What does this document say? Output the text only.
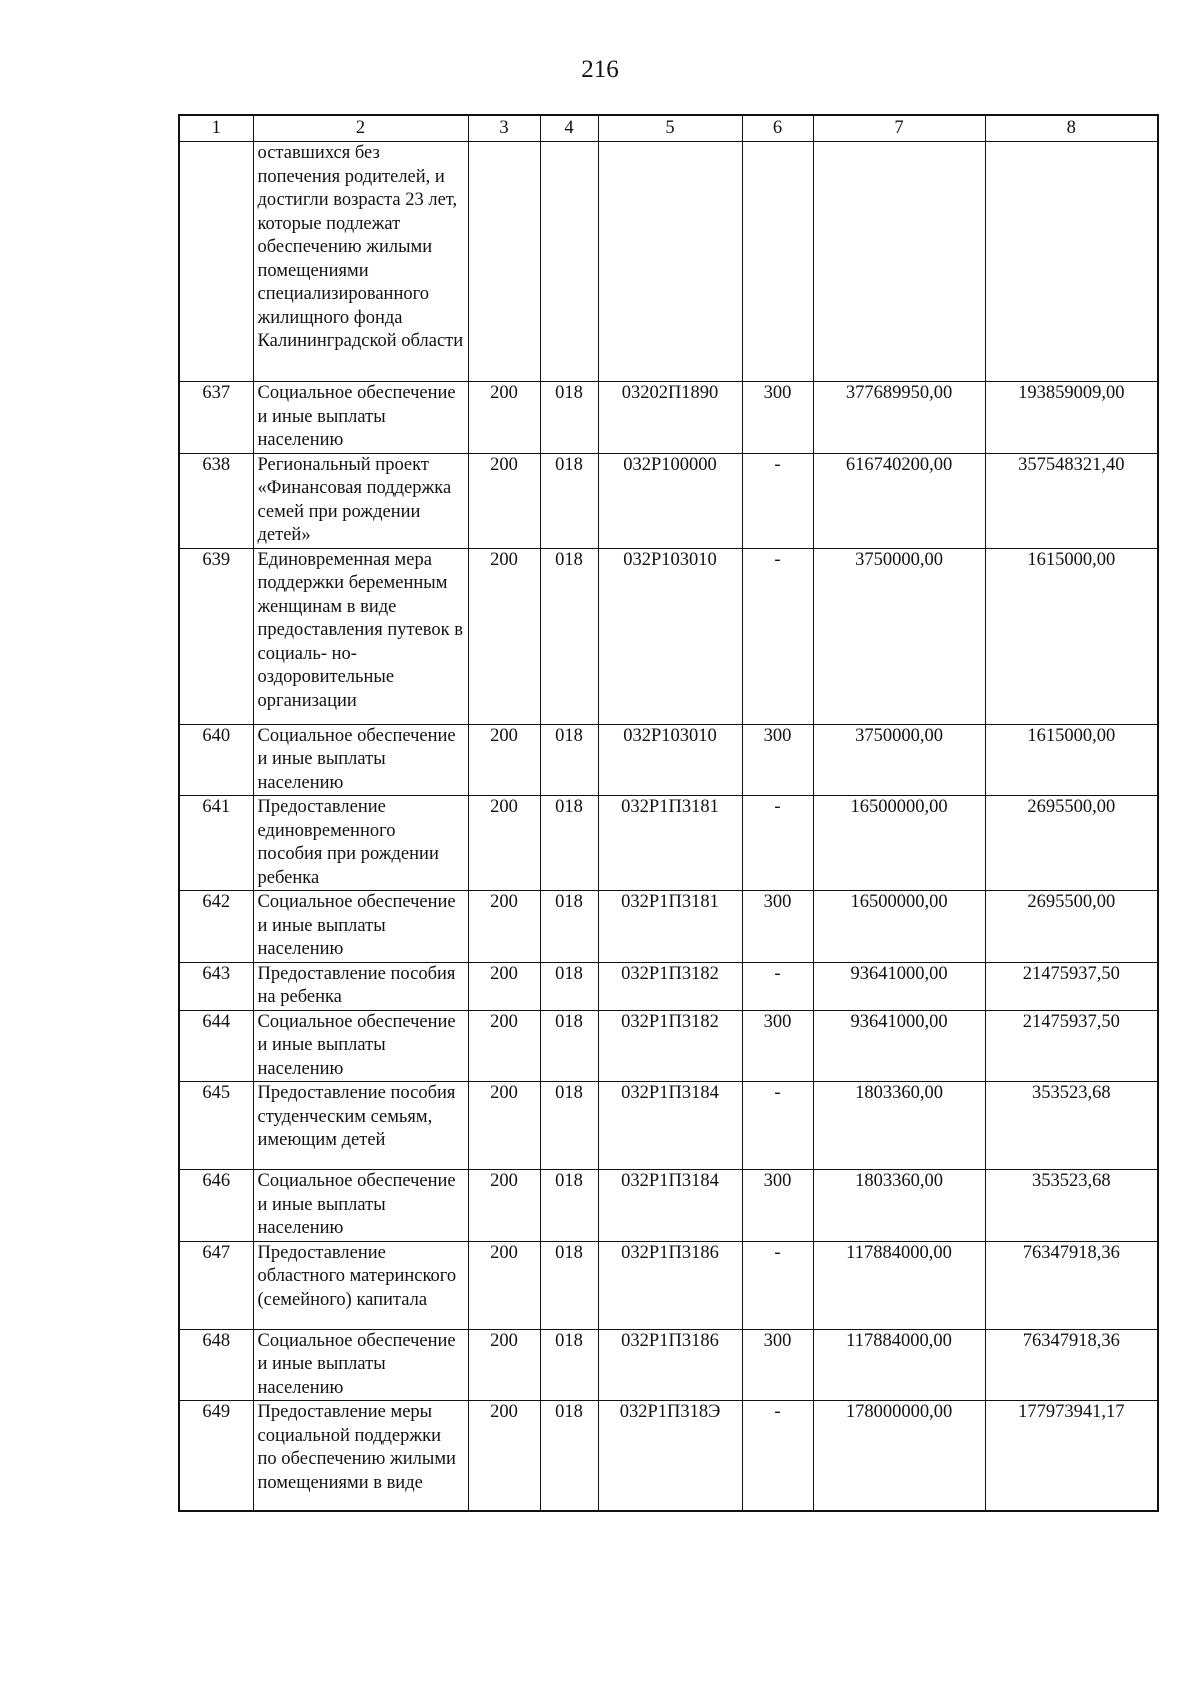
216
1	2	3	4	5	6	7	8
	оставшихся без попечения родителей, и достигли возраста 23 лет, которые подлежат обеспечению жилыми помещениями специализированного жилищного фонда Калининградской области						
637	Социальное обеспечение и иные выплаты населению	200	018	03202П1890	300	377689950,00	193859009,00
638	Региональный проект «Финансовая поддержка семей при рождении детей»	200	018	032P100000	-	616740200,00	357548321,40
639	Единовременная мера поддержки беременным женщинам в виде предоставления путевок в социаль- но-оздоровительные организации	200	018	032P103010	-	3750000,00	1615000,00
640	Социальное обеспечение и иные выплаты населению	200	018	032P103010	300	3750000,00	1615000,00
641	Предоставление единовременного пособия при рождении ребенка	200	018	032P1П3181	-	16500000,00	2695500,00
642	Социальное обеспечение и иные выплаты населению	200	018	032P1П3181	300	16500000,00	2695500,00
643	Предоставление пособия на ребенка	200	018	032P1П3182	-	93641000,00	21475937,50
644	Социальное обеспечение и иные выплаты населению	200	018	032P1П3182	300	93641000,00	21475937,50
645	Предоставление пособия студенческим семьям, имеющим детей	200	018	032P1П3184	-	1803360,00	353523,68
646	Социальное обеспечение и иные выплаты населению	200	018	032P1П3184	300	1803360,00	353523,68
647	Предоставление областного материнского (семейного) капитала	200	018	032P1П3186	-	117884000,00	76347918,36
648	Социальное обеспечение и иные выплаты населению	200	018	032P1П3186	300	117884000,00	76347918,36
649	Предоставление меры социальной поддержки по обеспечению жилыми помещениями в виде	200	018	032P1П318Э	-	178000000,00	177973941,17
